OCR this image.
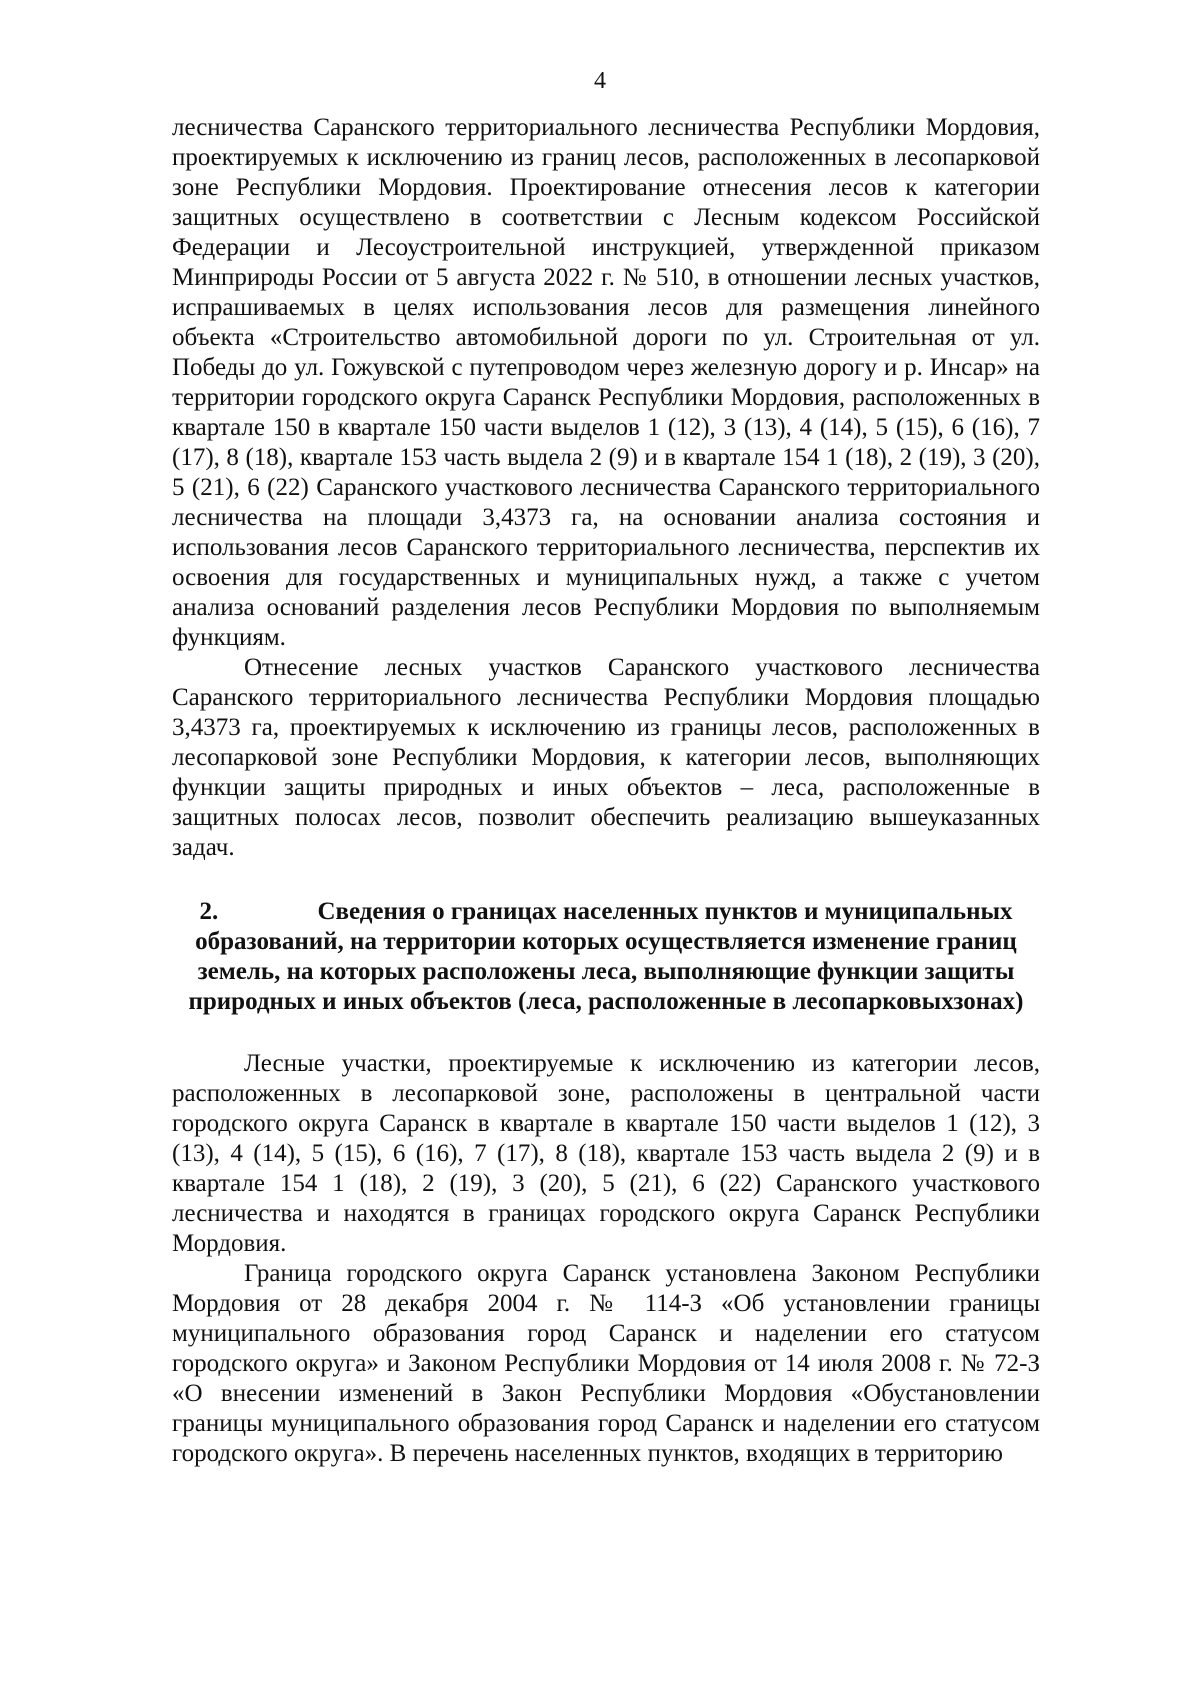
4

лесничества Саранского территориального лесничества Республики Мордовия, проектируемых к исключению из границ лесов, расположенных в лесопарковой зоне Республики Мордовия. Проектирование отнесения лесов к категории защитных осуществлено в соответствии с Лесным кодексом Российской Федерации и Лесоустроительной инструкцией, утвержденной приказом Минприроды России от 5 августа 2022 г. № 510, в отношении лесных участков, испрашиваемых в целях использования лесов для размещения линейного объекта «Строительство автомобильной дороги по ул. Строительная от ул. Победы до ул. Гожувской с путепроводом через железную дорогу и р. Инсар» на территории городского округа Саранск Республики Мордовия, расположенных в квартале 150 в квартале 150 части выделов 1 (12), 3 (13), 4 (14), 5 (15), 6 (16), 7 (17), 8 (18), квартале 153 часть выдела 2 (9) и в квартале 154 1 (18), 2 (19), 3 (20), 5 (21), 6 (22) Саранского участкового лесничества Саранского территориального лесничества на площади 3,4373 га, на основании анализа состояния и использования лесов Саранского территориального лесничества, перспектив их освоения для государственных и муниципальных нужд, а также с учетом анализа оснований разделения лесов Республики Мордовия по выполняемым функциям.

Отнесение лесных участков Саранского участкового лесничества Саранского территориального лесничества Республики Мордовия площадью 3,4373 га, проектируемых к исключению из границы лесов, расположенных в лесопарковой зоне Республики Мордовия, к категории лесов, выполняющих функции защиты природных и иных объектов – леса, расположенные в защитных полосах лесов, позволит обеспечить реализацию вышеуказанных задач.

2.	Сведения о границах населенных пунктов и муниципальных образований, на территории которых осуществляется изменение границ земель, на которых расположены леса, выполняющие функции защиты природных и иных объектов (леса, расположенные в лесопарковыхзонах)

Лесные участки, проектируемые к исключению из категории лесов, расположенных в лесопарковой зоне, расположены в центральной части городского округа Саранск в квартале в квартале 150 части выделов 1 (12), 3 (13), 4 (14), 5 (15), 6 (16), 7 (17), 8 (18), квартале 153 часть выдела 2 (9) и в квартале 154 1 (18), 2 (19), 3 (20), 5 (21), 6 (22) Саранского участкового лесничества и находятся в границах городского округа Саранск Республики Мордовия.

Граница городского округа Саранск установлена Законом Республики Мордовия от 28 декабря 2004 г. № 114-З «Об установлении границы муниципального образования город Саранск и наделении его статусом городского округа» и Законом Республики Мордовия от 14 июля 2008 г. № 72-З «О внесении изменений в Закон Республики Мордовия «Обустановлении границы муниципального образования город Саранск и наделении его статусом городского округа». В перечень населенных пунктов, входящих в территорию
